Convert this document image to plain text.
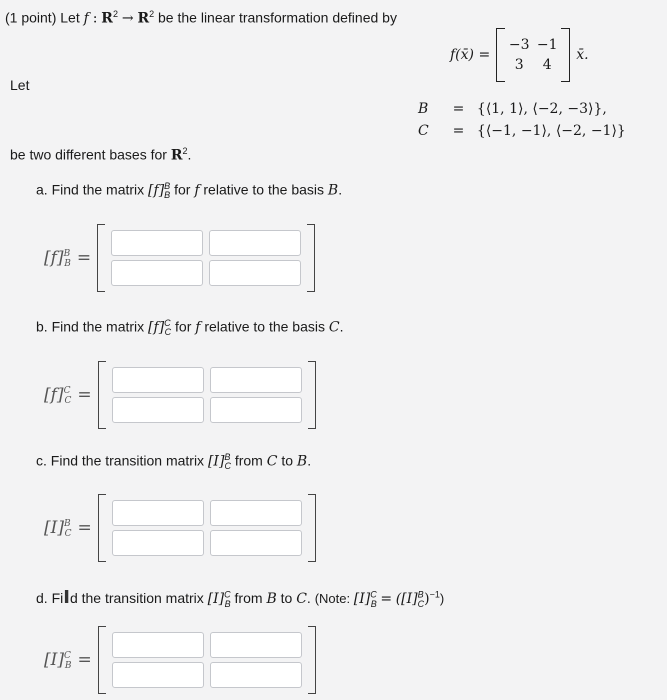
(1 point) Let f : $R^2 \to R^2$ be the linear transformation defined by
f(x̄) =
−3 −1
3	4
x̄.
Let
B = {⟨1, 1⟩, ⟨−2, −3⟩},
C = {⟨−1, −1⟩, ⟨−2, −1⟩}
be two different bases for $R^2$.
a. Find the matrix $[f]^B_B$ for f relative to the basis B.
$[f]^BB$ =
b. Find the matrix $[f]^C_C$ for f relative to the basis C.
$[f]^CC$ =
c. Find the transition matrix $[I]^B_C$ from C to B.
$[I]^BC$ =
d. FiId the transition matrix $[I]^C_B$ from B to C. (Note: $[I]^C_B = ([I]^B_C)^{-1}$)
$[I]^CB$ =
